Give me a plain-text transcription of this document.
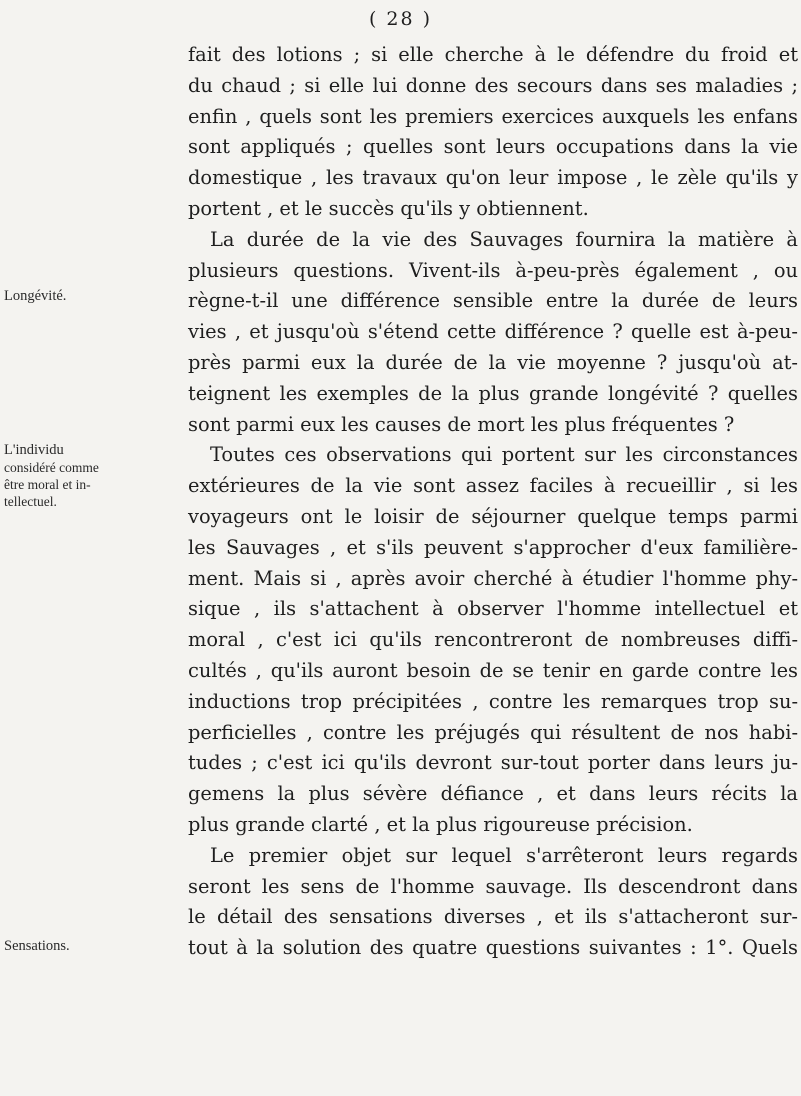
( 28 )
Longévité.
L'individu
considéré comme
être moral et in-
tellectuel.
Sensations.
fait des lotions ; si elle cherche à le défendre du froid et
du chaud ; si elle lui donne des secours dans ses maladies ;
enfin , quels sont les premiers exercices auxquels les enfans
sont appliqués ; quelles sont leurs occupations dans la vie
domestique , les travaux qu'on leur impose , le zèle qu'ils y
portent , et le succès qu'ils y obtiennent.
La durée de la vie des Sauvages fournira la matière à
plusieurs questions. Vivent-ils à-peu-près également , ou
règne-t-il une différence sensible entre la durée de leurs
vies , et jusqu'où s'étend cette différence ? quelle est à-peu-
près parmi eux la durée de la vie moyenne ? jusqu'où at-
teignent les exemples de la plus grande longévité ? quelles
sont parmi eux les causes de mort les plus fréquentes ?
Toutes ces observations qui portent sur les circonstances
extérieures de la vie sont assez faciles à recueillir , si les
voyageurs ont le loisir de séjourner quelque temps parmi
les Sauvages , et s'ils peuvent s'approcher d'eux familière-
ment. Mais si , après avoir cherché à étudier l'homme phy-
sique , ils s'attachent à observer l'homme intellectuel et
moral , c'est ici qu'ils rencontreront de nombreuses diffi-
cultés , qu'ils auront besoin de se tenir en garde contre les
inductions trop précipitées , contre les remarques trop su-
perficielles , contre les préjugés qui résultent de nos habi-
tudes ; c'est ici qu'ils devront sur-tout porter dans leurs ju-
gemens la plus sévère défiance , et dans leurs récits la
plus grande clarté , et la plus rigoureuse précision.
Le premier objet sur lequel s'arrêteront leurs regards
seront les sens de l'homme sauvage. Ils descendront dans
le détail des sensations diverses , et ils s'attacheront sur-
tout à la solution des quatre questions suivantes : 1°. Quels
